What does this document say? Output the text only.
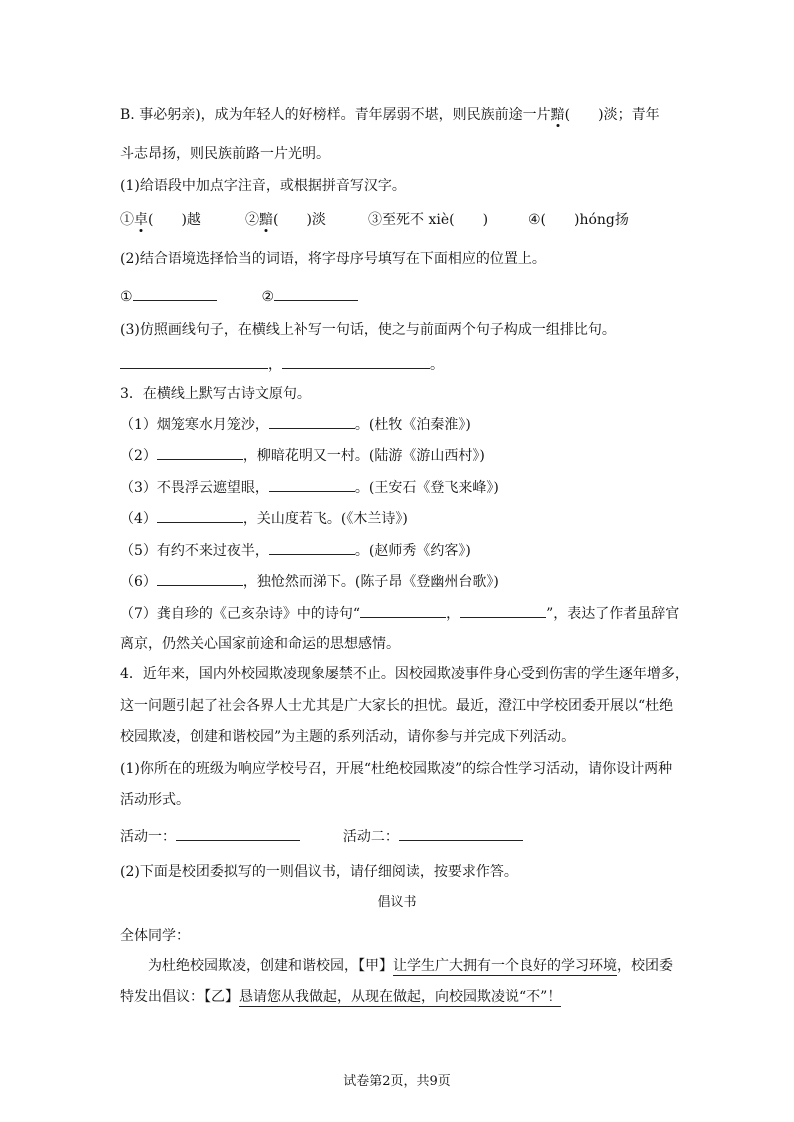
B. 事必躬亲)，成为年轻人的好榜样。青年孱弱不堪，则民族前途一片黯(　　)淡；青年
斗志昂扬，则民族前路一片光明。
(1)给语段中加点字注音，或根据拼音写汉字。
①卓(　　)越	②黯(　　)淡	③至死不 xiè(　　)	④(　　)hóng扬
(2)结合语境选择恰当的词语，将字母序号填写在下面相应的位置上。
①	②
(3)仿照画线句子，在横线上补写一句话，使之与前面两个句子构成一组排比句。
，	。
3．在横线上默写古诗文原句。
（1）烟笼寒水月笼沙，	。(杜牧《泊秦淮》)
（2）	，柳暗花明又一村。(陆游《游山西村》)
（3）不畏浮云遮望眼，	。(王安石《登飞来峰》)
（4）	，关山度若飞。(《木兰诗》)
（5）有约不来过夜半，	。(赵师秀《约客》)
（6）	，独怆然而涕下。(陈子昂《登幽州台歌》)
（7）龚自珍的《己亥杂诗》中的诗句“	，	”，表达了作者虽辞官
离京，仍然关心国家前途和命运的思想感情。
4．近年来，国内外校园欺凌现象屡禁不止。因校园欺凌事件身心受到伤害的学生逐年增多，
这一问题引起了社会各界人士尤其是广大家长的担忧。最近，澄江中学校团委开展以“杜绝
校园欺凌，创建和谐校园”为主题的系列活动，请你参与并完成下列活动。
(1)你所在的班级为响应学校号召，开展“杜绝校园欺凌”的综合性学习活动，请你设计两种
活动形式。
活动一：	活动二：
(2)下面是校团委拟写的一则倡议书，请仔细阅读，按要求作答。
倡议书
全体同学：
为杜绝校园欺凌，创建和谐校园，【甲】让学生广大拥有一个良好的学习环境，校团委
特发出倡议：【乙】恳请您从我做起，从现在做起，向校园欺凌说“不”！
试卷第2页，共9页
